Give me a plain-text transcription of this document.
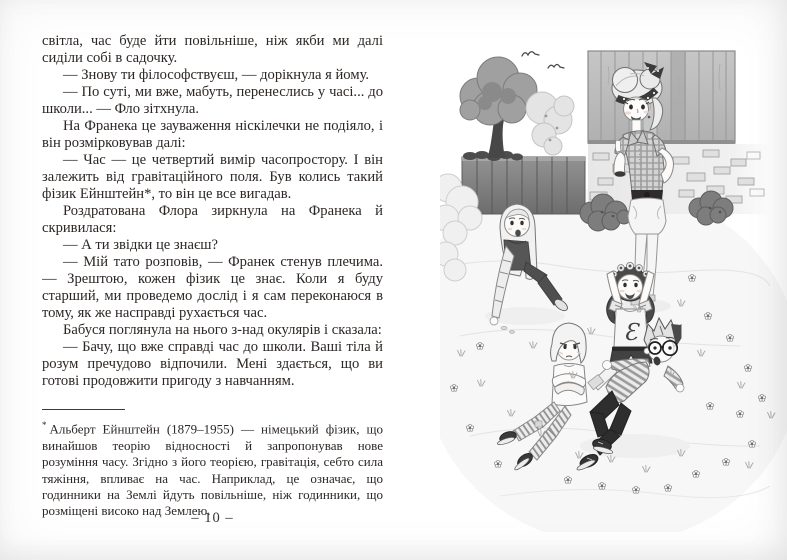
світла, час буде йти повільніше, ніж якби ми далі сиділи собі в садочку.

— Знову ти філософствуєш, — дорікнула я йому.

— По суті, ми вже, мабуть, перенеслись у часі... до школи... — Фло зітхнула.

На Франека це зауваження ніскілечки не подіяло, і він розмірковував далі:

— Час — це четвертий вимір часопростору. І він залежить від гравітаційного поля. Був колись такий фізик Ейнштейн*, то він це все вигадав.

Роздратована Флора зиркнула на Франека й скривилася:

— А ти звідки це знаєш?

— Мій тато розповів, — Франек стенув плечима. — Зрештою, кожен фізик це знає. Коли я буду старший, ми проведемо дослід і я сам переконаюся в тому, як же насправді рухається час.

Бабуся поглянула на нього з-над окулярів і сказала:

— Бачу, що вже справді час до школи. Ваші тіла й розум пречудово відпочили. Мені здається, що ви готові продовжити пригоду з навчанням.

* Альберт Ейнштейн (1879–1955) — німецький фізик, що винайшов теорію відносності й запропонував нове розуміння часу. Згідно з його теорією, гравітація, себто сила тяжіння, впливає на час. Наприклад, це означає, що годинники на Землі йдуть повільніше, ніж годинники, що розміщені високо над Землею.

– 10 –
Ɛ
